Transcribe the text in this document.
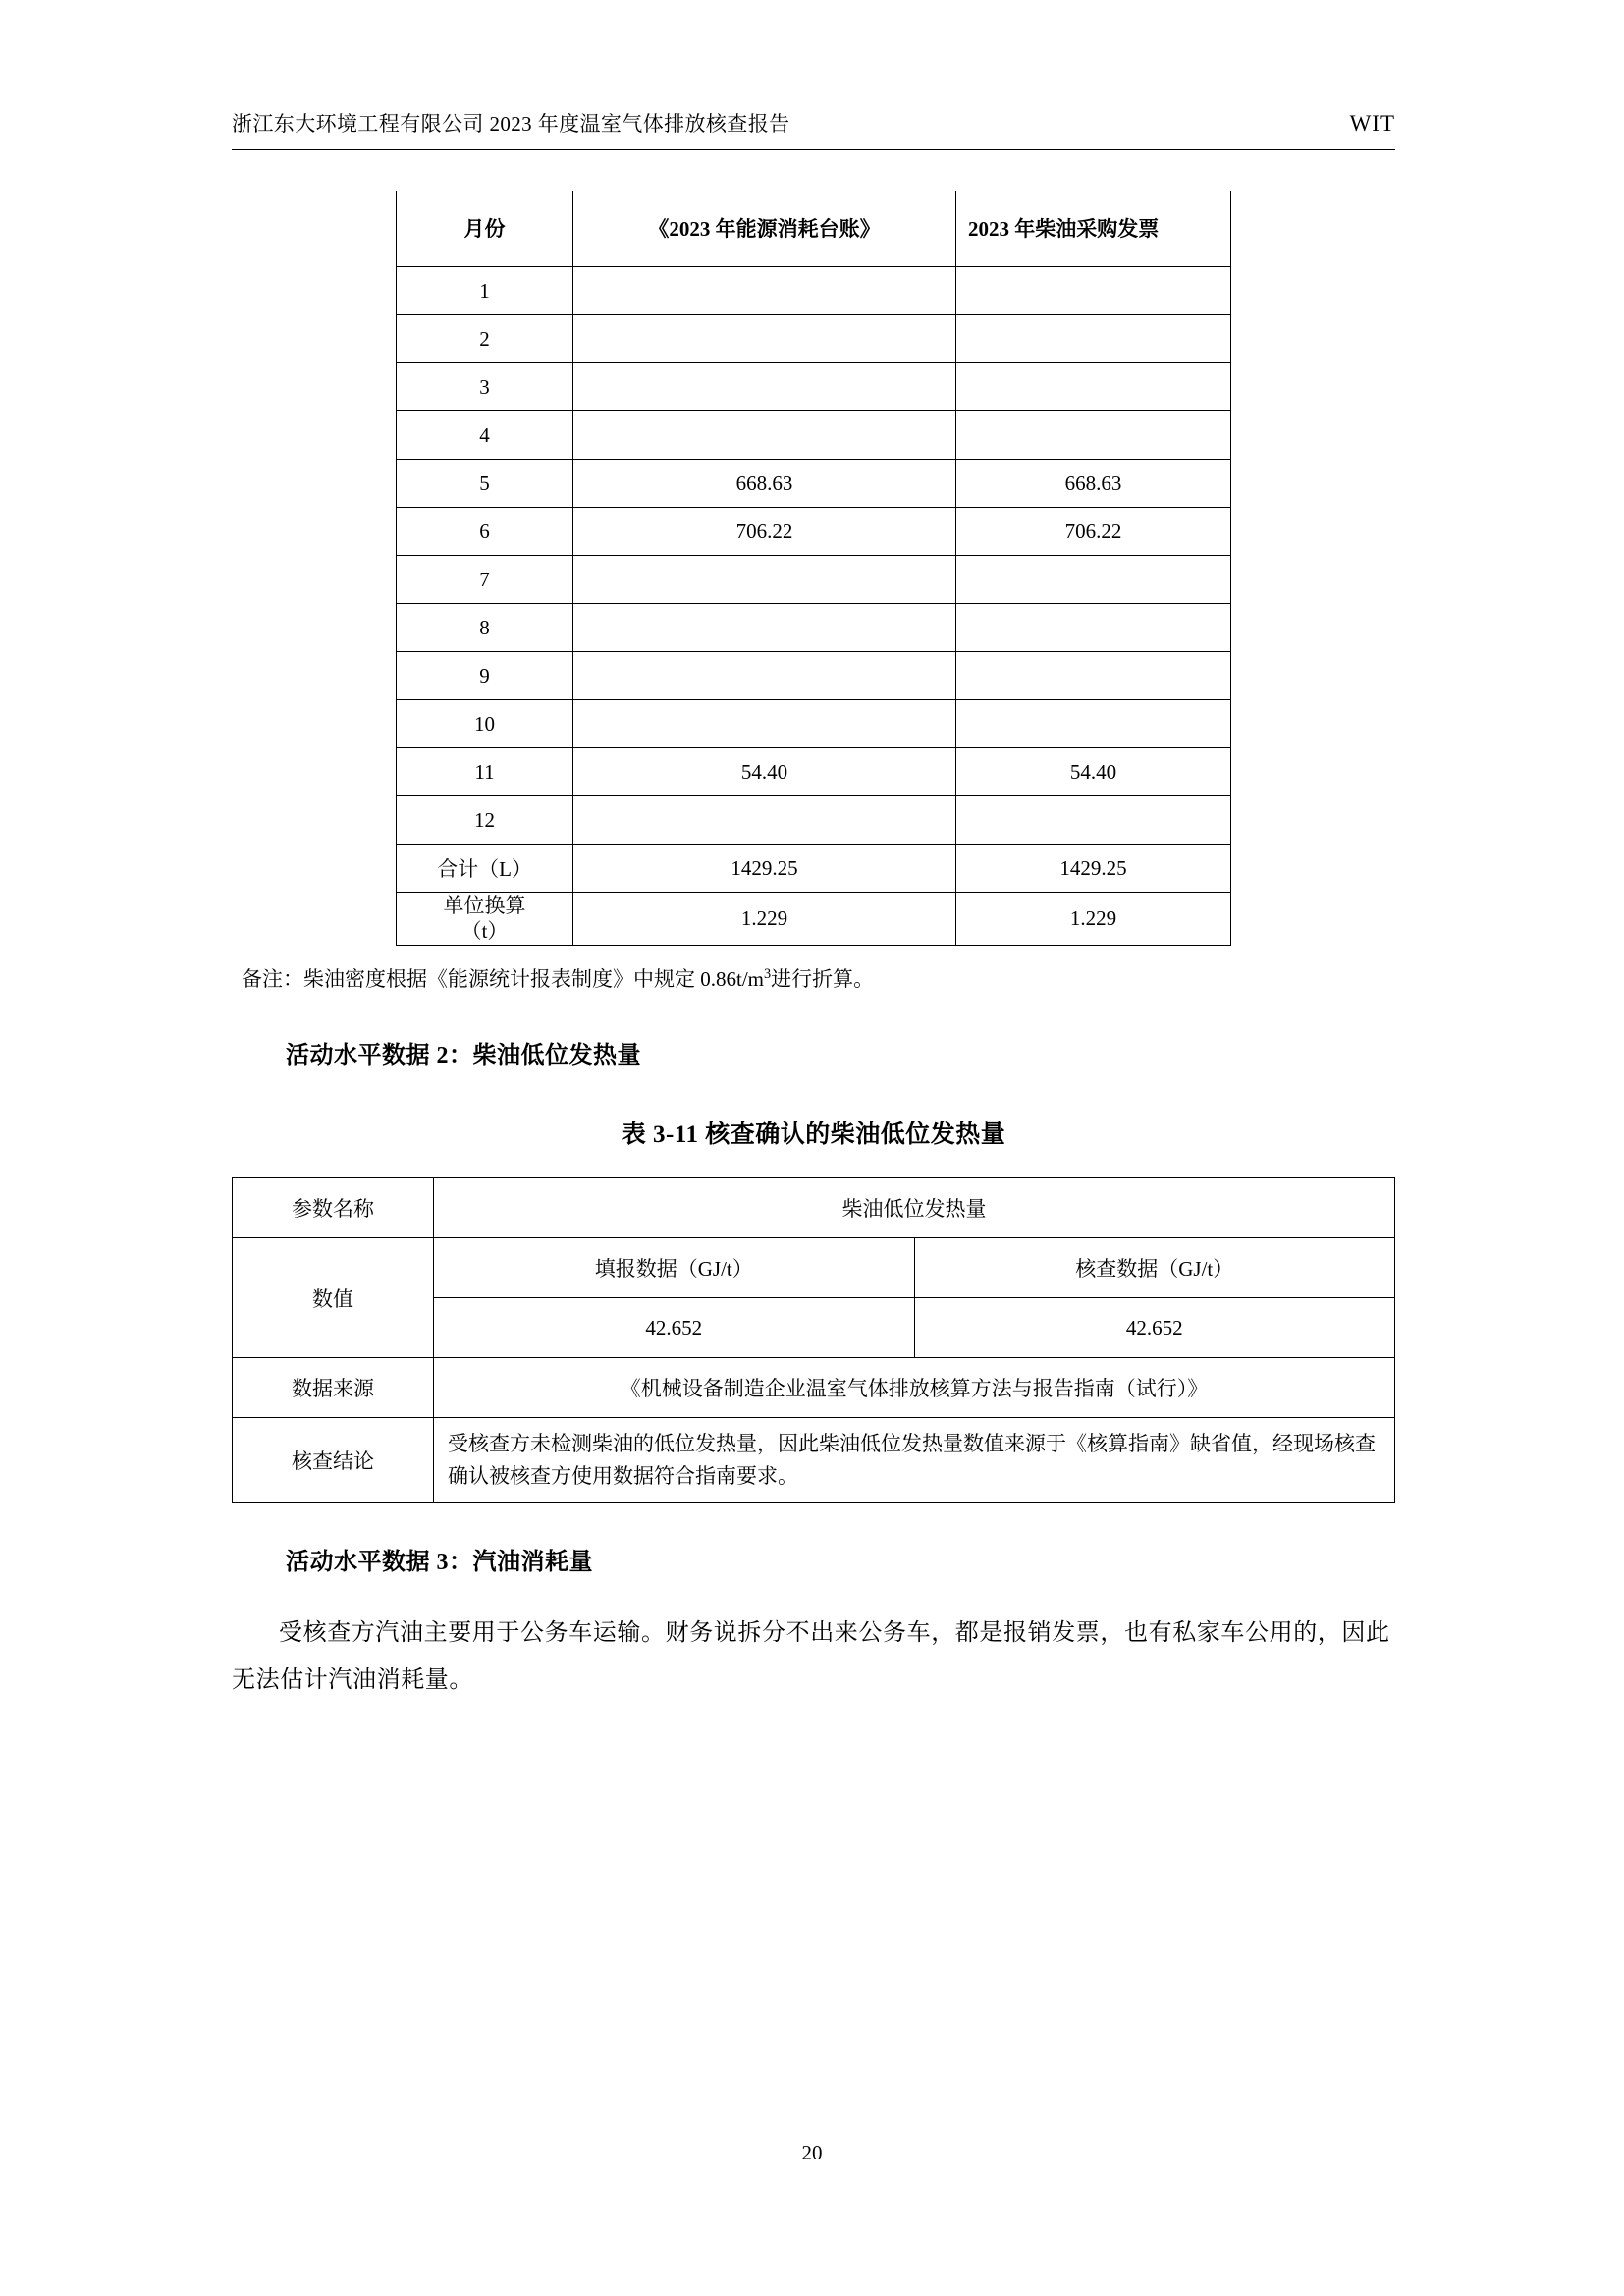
浙江东大环境工程有限公司 2023 年度温室气体排放核查报告	WIT
月份	《2023 年能源消耗台账》	2023 年柴油采购发票
1		
2		
3		
4		
5	668.63	668.63
6	706.22	706.22
7		
8		
9		
10		
11	54.40	54.40
12		
合计（L）	1429.25	1429.25
单位换算
（t）	1.229	1.229
备注：柴油密度根据《能源统计报表制度》中规定 $0.86t/m^3$进行折算。
活动水平数据 2：柴油低位发热量
表 3-11 核查确认的柴油低位发热量
参数名称	柴油低位发热量	
数值	填报数据（GJ/t）	核查数据（GJ/t）
	42.652	42.652
数据来源	《机械设备制造企业温室气体排放核算方法与报告指南（试行）》	
核查结论	受核查方未检测柴油的低位发热量，因此柴油低位发热量数值来源于《核算指南》缺省值，经现场核查确认被核查方使用数据符合指南要求。	
活动水平数据 3：汽油消耗量
受核查方汽油主要用于公务车运输。财务说拆分不出来公务车，都是报销发票，也有私家车公用的，因此无法估计汽油消耗量。
20
